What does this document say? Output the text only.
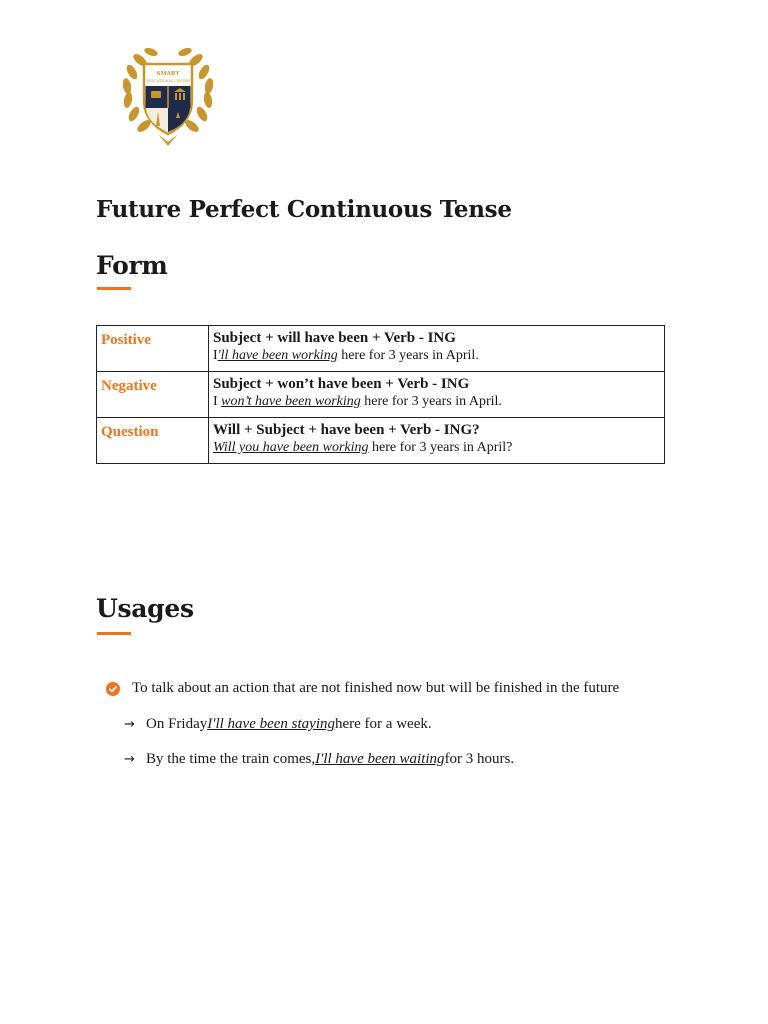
SMART
EDUCATIONAL CENTER
Future Perfect Continuous Tense
Form
Positive	Subject + will have been + Verb - ING
I'll have been working here for 3 years in April.

Negative	Subject + won’t have been + Verb - ING
I won’t have been working here for 3 years in April.

Question	Will + Subject + have been + Verb - ING?
Will you have been working here for 3 years in April?
Usages
To talk about an action that are not finished now but will be finished in the future
→ On Friday I'll have been staying here for a week.
→ By the time the train comes, I'll have been waiting for 3 hours.
